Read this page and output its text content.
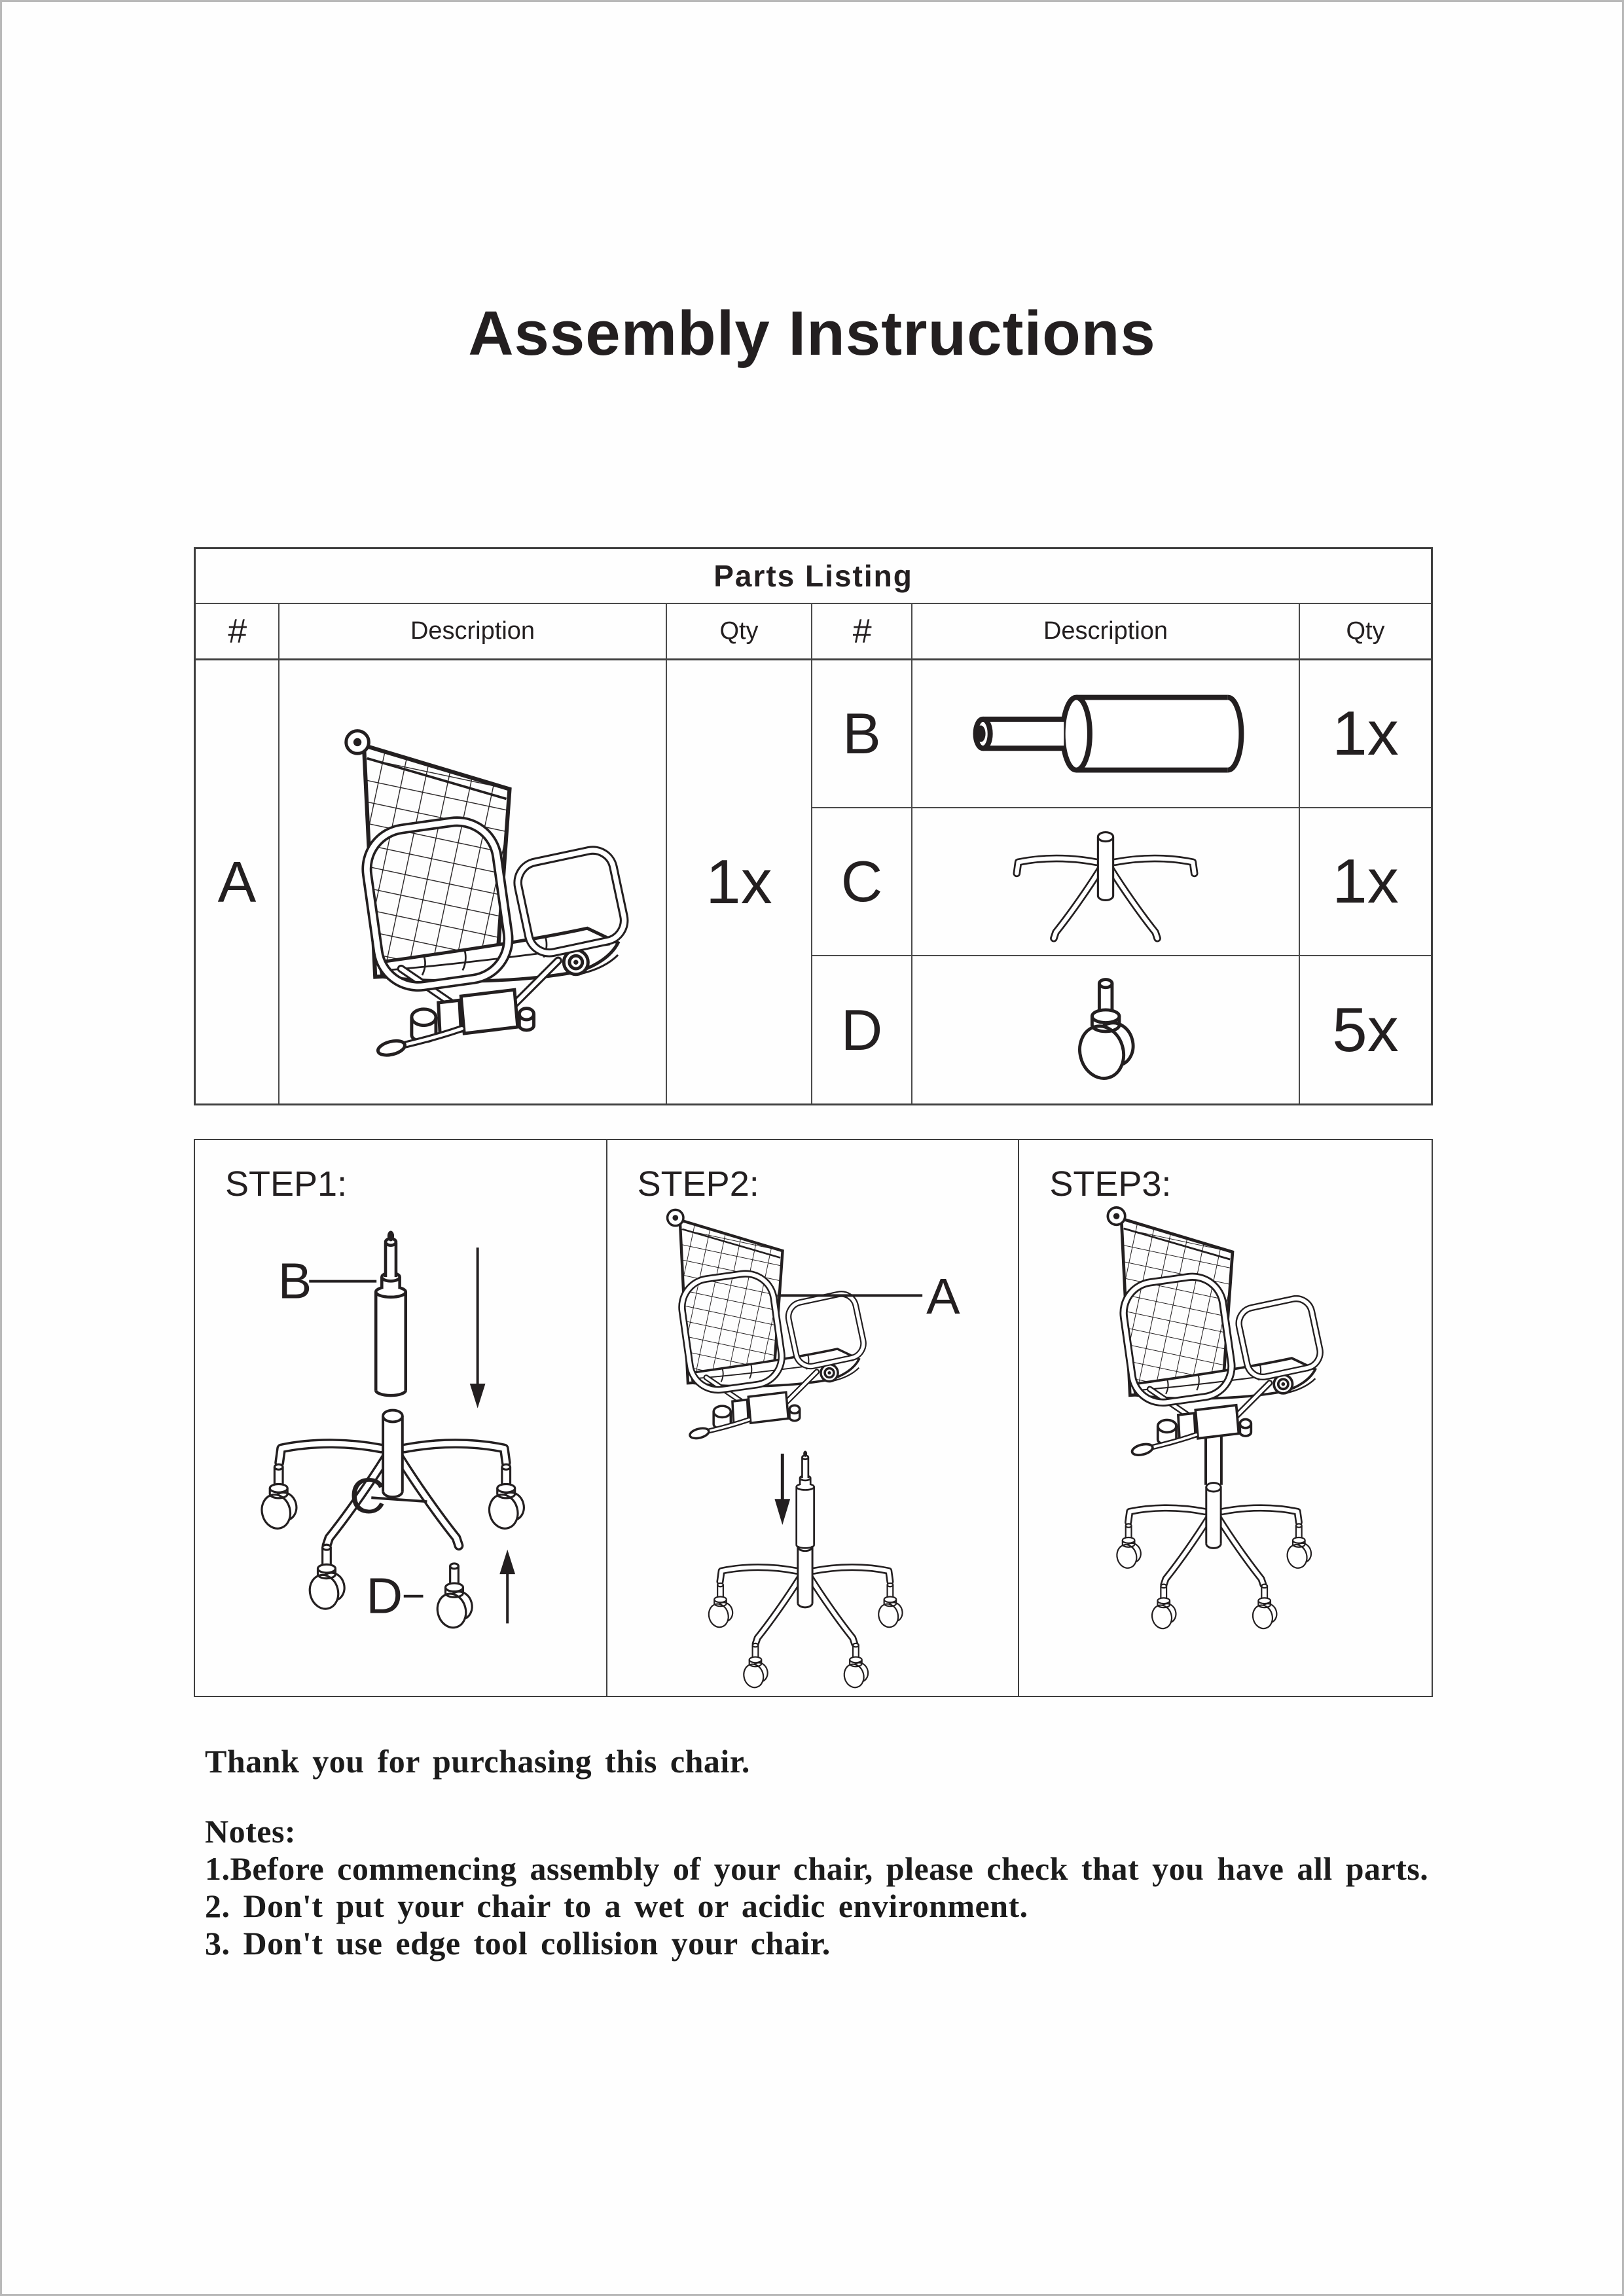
Assembly Instructions
Parts Listing
#	Description	Qty	#	Description	Qty
A	1x
B	1x
C	1x
D	5x
STEP1:
B
C
D
STEP2:
A
STEP3:

Thank you for purchasing this chair.

Notes:

1.Before commencing assembly of your chair, please check that you have all parts.

2. Don't put your chair to a wet or acidic environment.

3. Don't use edge tool collision your chair.
